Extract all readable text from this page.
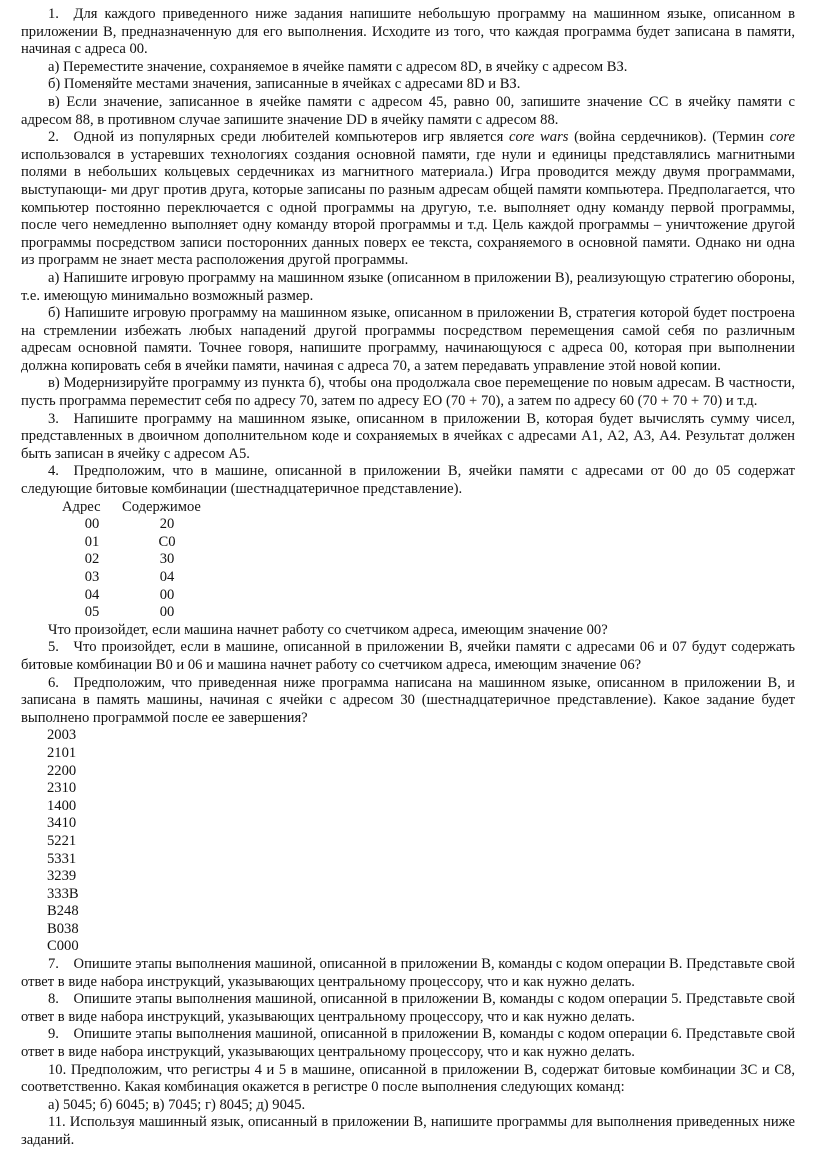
1. Для каждого приведенного ниже задания напишите небольшую программу на машинном языке, описанном в приложении В, предназначенную для его выполнения. Исходите из того, что каждая программа будет записана в памяти, начиная с адреса 00.

а) Переместите значение, сохраняемое в ячейке памяти с адресом 8D, в ячейку с адресом ВЗ.

б) Поменяйте местами значения, записанные в ячейках с адресами 8D и ВЗ.

в) Если значение, записанное в ячейке памяти с адресом 45, равно 00, запишите значение СС в ячейку памяти с адресом 88, в противном случае запишите значение DD в ячейку памяти с адресом 88.

2. Одной из популярных среди любителей компьютеров игр является core wars (война сердечников). (Термин core использовался в устаревших технологиях создания основной памяти, где нули и единицы представлялись магнитными полями в небольших кольцевых сердечниках из магнитного материала.) Игра проводится между двумя программами, выступающи- ми друг против друга, которые записаны по разным адресам общей памяти компьютера. Предполагается, что компьютер постоянно переключается с одной программы на другую, т.е. выполняет одну команду первой программы, после чего немедленно выполняет одну команду второй программы и т.д. Цель каждой программы – уничтожение другой программы посредством записи посторонних данных поверх ее текста, сохраняемого в основной памяти. Однако ни одна из программ не знает места расположения другой программы.

а) Напишите игровую программу на машинном языке (описанном в приложении В), реализующую стратегию обороны, т.е. имеющую минимально возможный размер.

б) Напишите игровую программу на машинном языке, описанном в приложении В, стратегия которой будет построена на стремлении избежать любых нападений другой программы посредством перемещения самой себя по различным адресам основной памяти. Точнее говоря, напишите программу, начинающуюся с адреса 00, которая при выполнении должна копировать себя в ячейки памяти, начиная с адреса 70, а затем передавать управление этой новой копии.

в) Модернизируйте программу из пункта б), чтобы она продолжала свое перемещение по новым адресам. В частности, пусть программа переместит себя по адресу 70, затем по адресу ЕО (70 + 70), а затем по адресу 60 (70 + 70 + 70) и т.д.

3. Напишите программу на машинном языке, описанном в приложении В, которая будет вычислять сумму чисел, представленных в двоичном дополнительном коде и сохраняемых в ячейках с адресами А1, А2, А3, А4. Результат должен быть записан в ячейку с адресом А5.

4. Предположим, что в машине, описанной в приложении В, ячейки памяти с адресами от 00 до 05 содержат следующие битовые комбинации (шестнадцатеричное представление).

Адрес	Содержимое
00	20
01	С0
02	30
03	04
04	00
05	00

Что произойдет, если машина начнет работу со счетчиком адреса, имеющим значение 00?

5. Что произойдет, если в машине, описанной в приложении В, ячейки памяти с адресами 06 и 07 будут содержать битовые комбинации В0 и 06 и машина начнет работу со счетчиком адреса, имеющим значение 06?

6. Предположим, что приведенная ниже программа написана на машинном языке, описанном в приложении В, и записана в память машины, начиная с ячейки с адресом 30 (шестнадцатеричное представление). Какое задание будет выполнено программой после ее завершения?

2003
2101
2200
2310
1400
3410
5221
5331
3239
333В
В248
В038
С000

7. Опишите этапы выполнения машиной, описанной в приложении В, команды с кодом операции В. Представьте свой ответ в виде набора инструкций, указывающих центральному процессору, что и как нужно делать.

8. Опишите этапы выполнения машиной, описанной в приложении В, команды с кодом операции 5. Представьте свой ответ в виде набора инструкций, указывающих центральному процессору, что и как нужно делать.

9. Опишите этапы выполнения машиной, описанной в приложении В, команды с кодом операции 6. Представьте свой ответ в виде набора инструкций, указывающих центральному процессору, что и как нужно делать.

10. Предположим, что регистры 4 и 5 в машине, описанной в приложении В, содержат битовые комбинации ЗС и С8, соответственно. Какая комбинация окажется в регистре 0 после выполнения следующих команд:

а) 5045; б) 6045; в) 7045; г) 8045; д) 9045.

11. Используя машинный язык, описанный в приложении В, напишите программы для выполнения приведенных ниже заданий.
